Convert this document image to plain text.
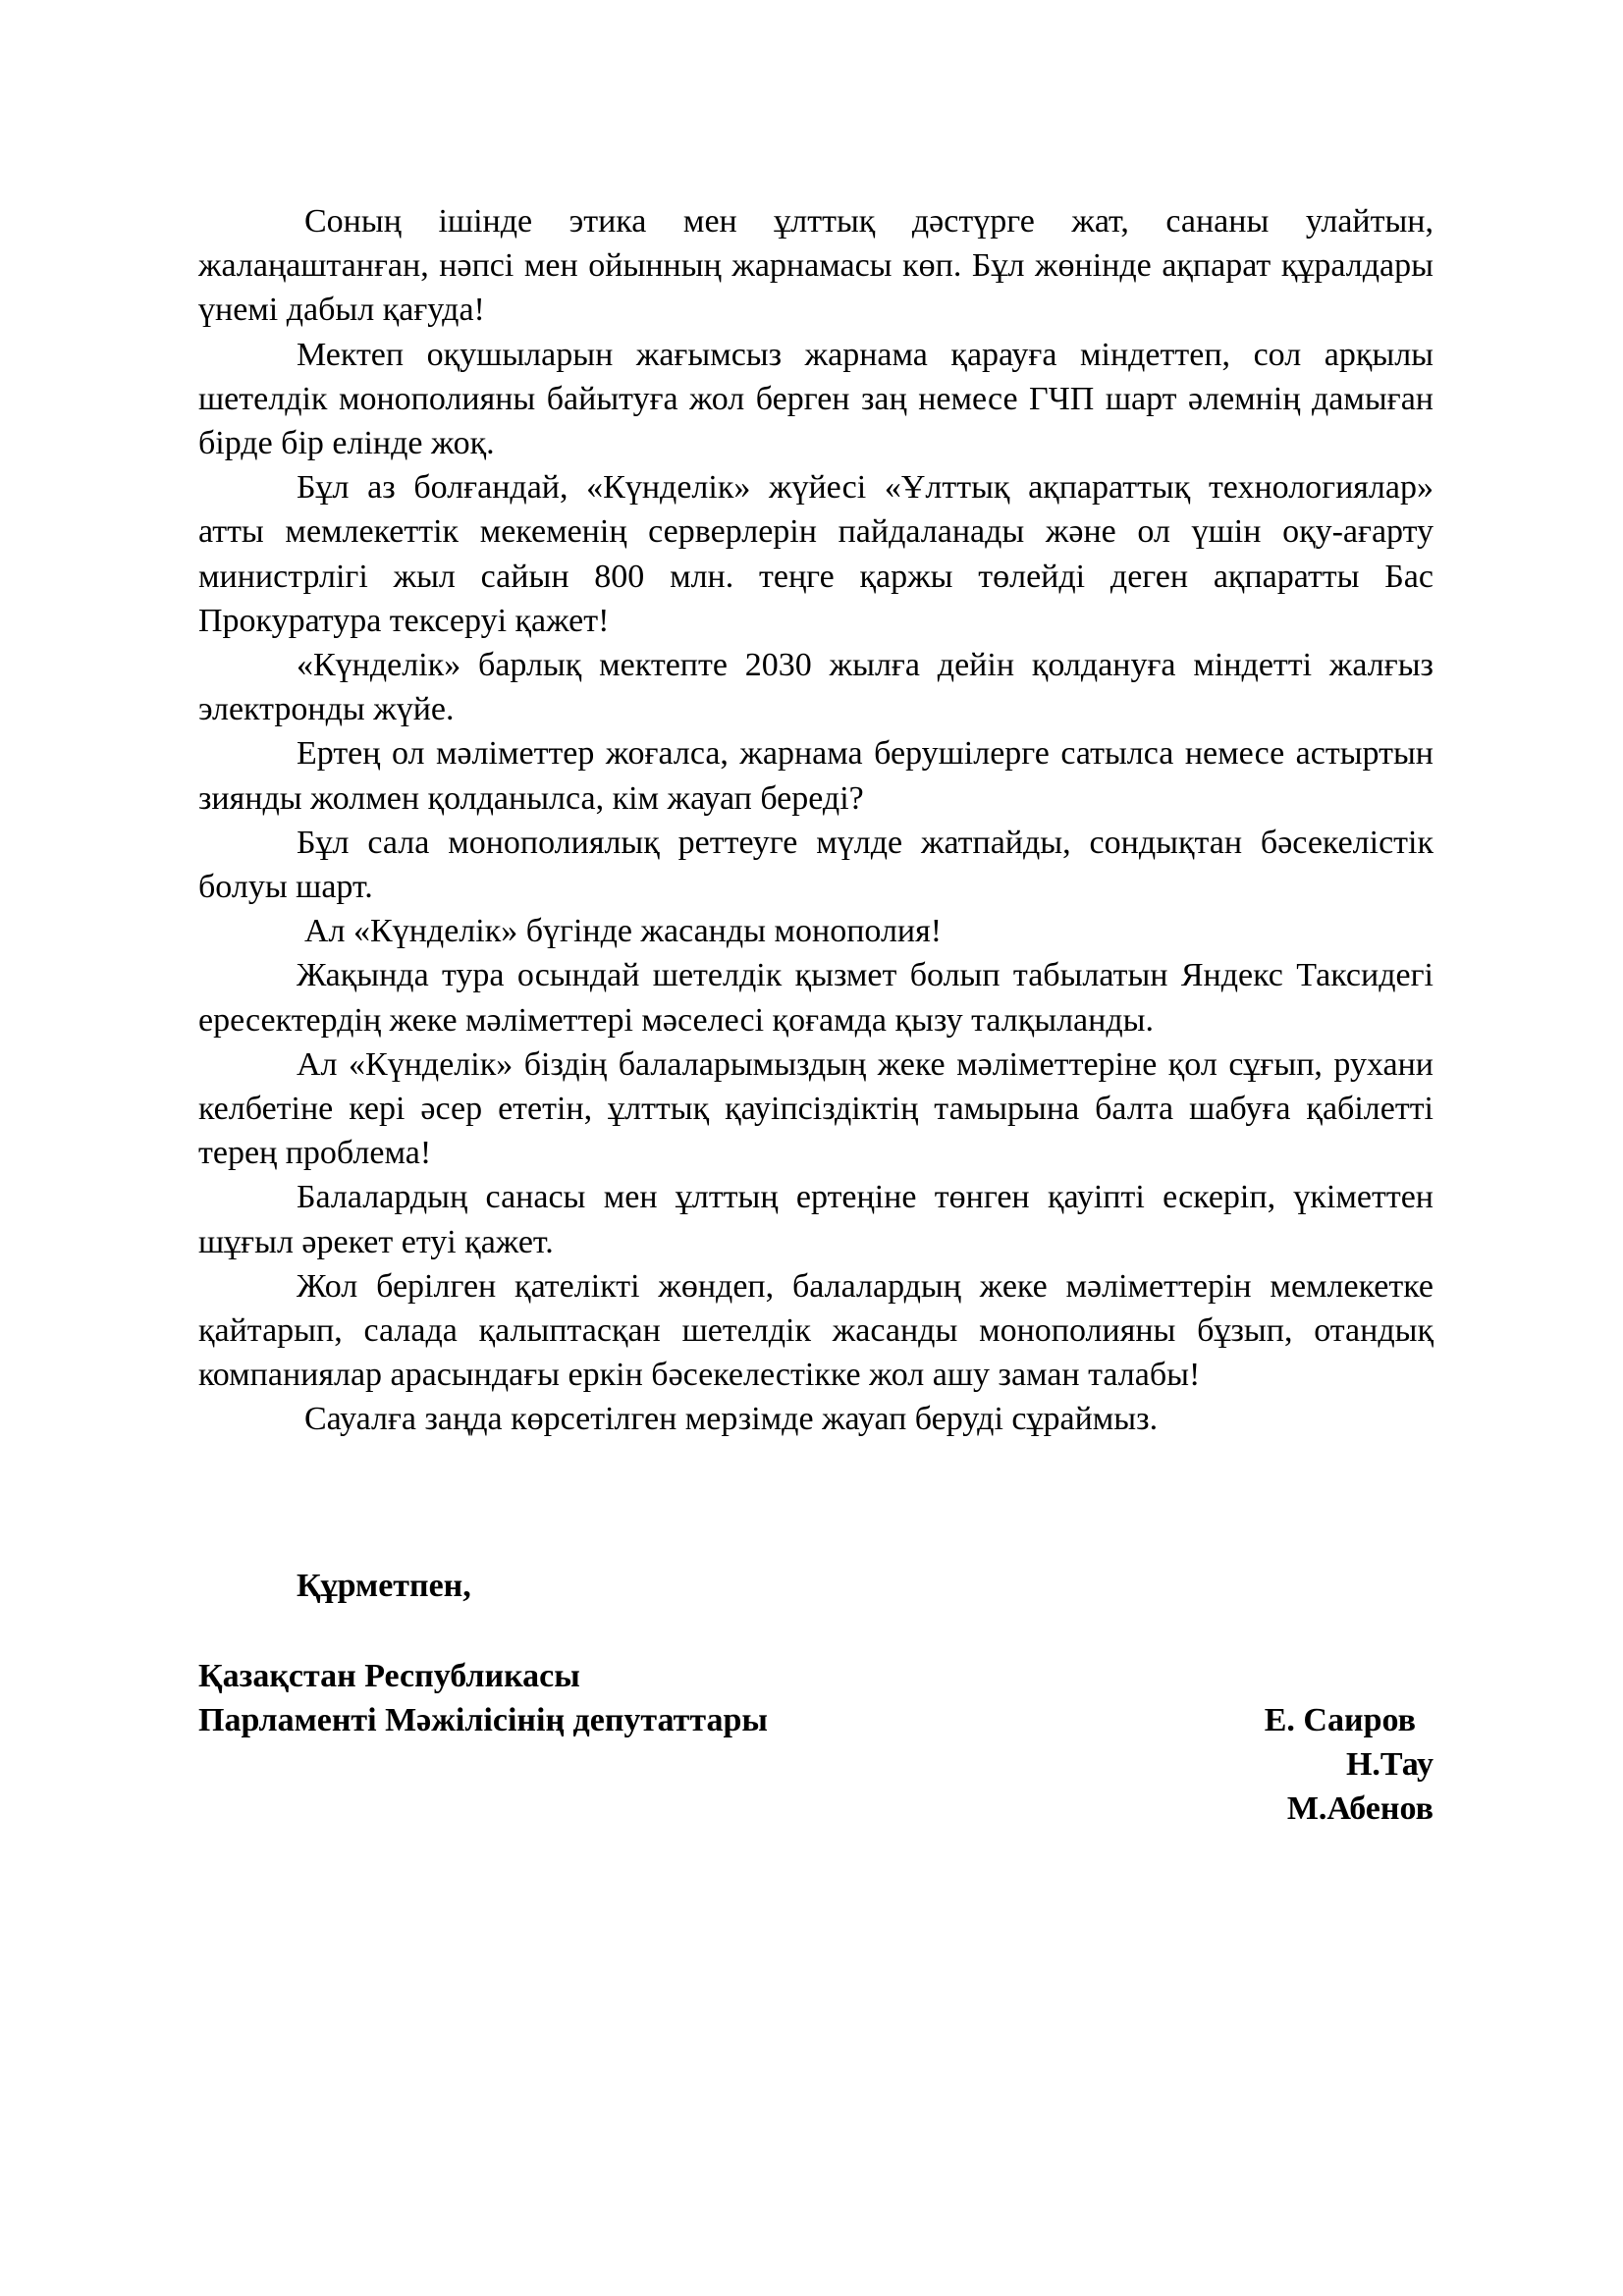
Соның ішінде этика мен ұлттық дәстүрге жат, сананы улайтын, жалаңаштанған, нәпсі мен ойынның жарнамасы көп. Бұл жөнінде ақпарат құралдары үнемі дабыл қағуда!

Мектеп оқушыларын жағымсыз жарнама қарауға міндеттеп, сол арқылы шетелдік монополияны байытуға жол берген заң немесе ГЧП шарт әлемнің дамыған бірде бір елінде жоқ.

Бұл аз болғандай, «Күнделік» жүйесі «Ұлттық ақпараттық технологиялар» атты мемлекеттік мекеменің серверлерін пайдаланады және ол үшін оқу-ағарту министрлігі жыл сайын 800 млн. теңге қаржы төлейді деген ақпаратты Бас Прокуратура тексеруі қажет!

«Күнделік» барлық мектепте 2030 жылға дейін қолдануға міндетті жалғыз электронды жүйе.

Ертең ол мәліметтер жоғалса, жарнама берушілерге сатылса немесе астыртын зиянды жолмен қолданылса, кім жауап береді?

Бұл сала монополиялық реттеуге мүлде жатпайды, сондықтан бәсекелістік болуы шарт.

Ал «Күнделік» бүгінде жасанды монополия!

Жақында тура осындай шетелдік қызмет болып табылатын Яндекс Таксидегі ересектердің жеке мәліметтері мәселесі қоғамда қызу талқыланды.

Ал «Күнделік» біздің балаларымыздың жеке мәліметтеріне қол сұғып, рухани келбетіне кері әсер ететін, ұлттық қауіпсіздіктің тамырына балта шабуға қабілетті терең проблема!

Балалардың санасы мен ұлттың ертеңіне төнген қауіпті ескеріп, үкіметтен шұғыл әрекет етуі қажет.

Жол берілген қателікті жөндеп, балалардың жеке мәліметтерін мемлекетке қайтарып, салада қалыптасқан шетелдік жасанды монополияны бұзып, отандық компаниялар арасындағы еркін бәсекелестікке жол ашу заман талабы!

Сауалға заңда көрсетілген мерзімде жауап беруді сұраймыз.

Құрметпен,

Қазақстан Республикасы

Парламенті Мәжілісінің депутаттары	Е. Саиров

Н.Тау

М.Абенов
